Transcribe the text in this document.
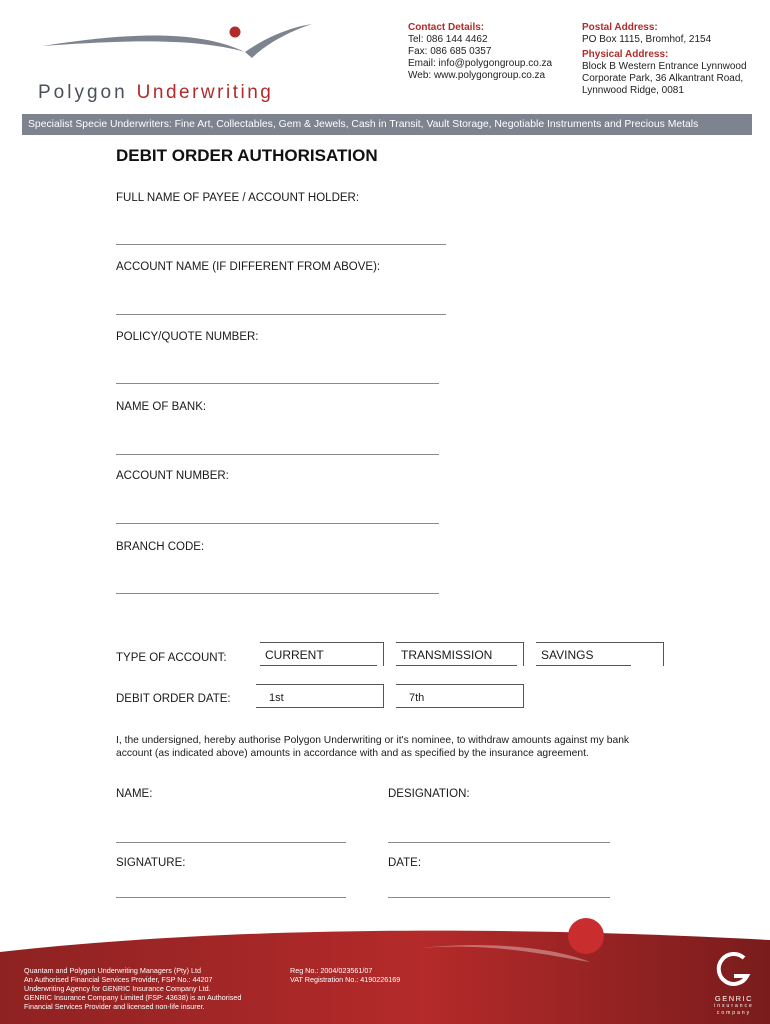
Polygon Underwriting
Contact Details:
Tel: 086 144 4462
Fax: 086 685 0357
Email: info@polygongroup.co.za
Web: www.polygongroup.co.za
Postal Address:
PO Box 1115, Bromhof, 2154
Physical Address:
Block B Western Entrance Lynnwood
Corporate Park, 36 Alkantrant Road,
Lynnwood Ridge, 0081
Specialist Specie Underwriters: Fine Art, Collectables, Gem & Jewels, Cash in Transit, Vault Storage, Negotiable Instruments and Precious Metals
DEBIT ORDER AUTHORISATION
FULL NAME OF PAYEE / ACCOUNT HOLDER:
ACCOUNT NAME (IF DIFFERENT FROM ABOVE):
POLICY/QUOTE NUMBER:
NAME OF BANK:
ACCOUNT NUMBER:
BRANCH CODE:
TYPE OF ACCOUNT:	CURRENT	TRANSMISSION	SAVINGS
DEBIT ORDER DATE:	1st	7th
I, the undersigned, hereby authorise Polygon Underwriting or it's nominee, to withdraw amounts against my bank account (as indicated above) amounts in accordance with and as specified by the insurance agreement.
NAME:	DESIGNATION:
SIGNATURE:	DATE:
Quantam and Polygon Underwriting Managers (Pty) Ltd
An Authorised Financial Services Provider, FSP No.: 44207
Underwriting Agency for GENRIC Insurance Company Ltd.
GENRIC Insurance Company Limited (FSP: 43638) is an Authorised
Financial Services Provider and licensed non-life insurer.
Reg No.: 2004/023561/07
VAT Registration No.: 4190226169
GENRIC
insurance
company
